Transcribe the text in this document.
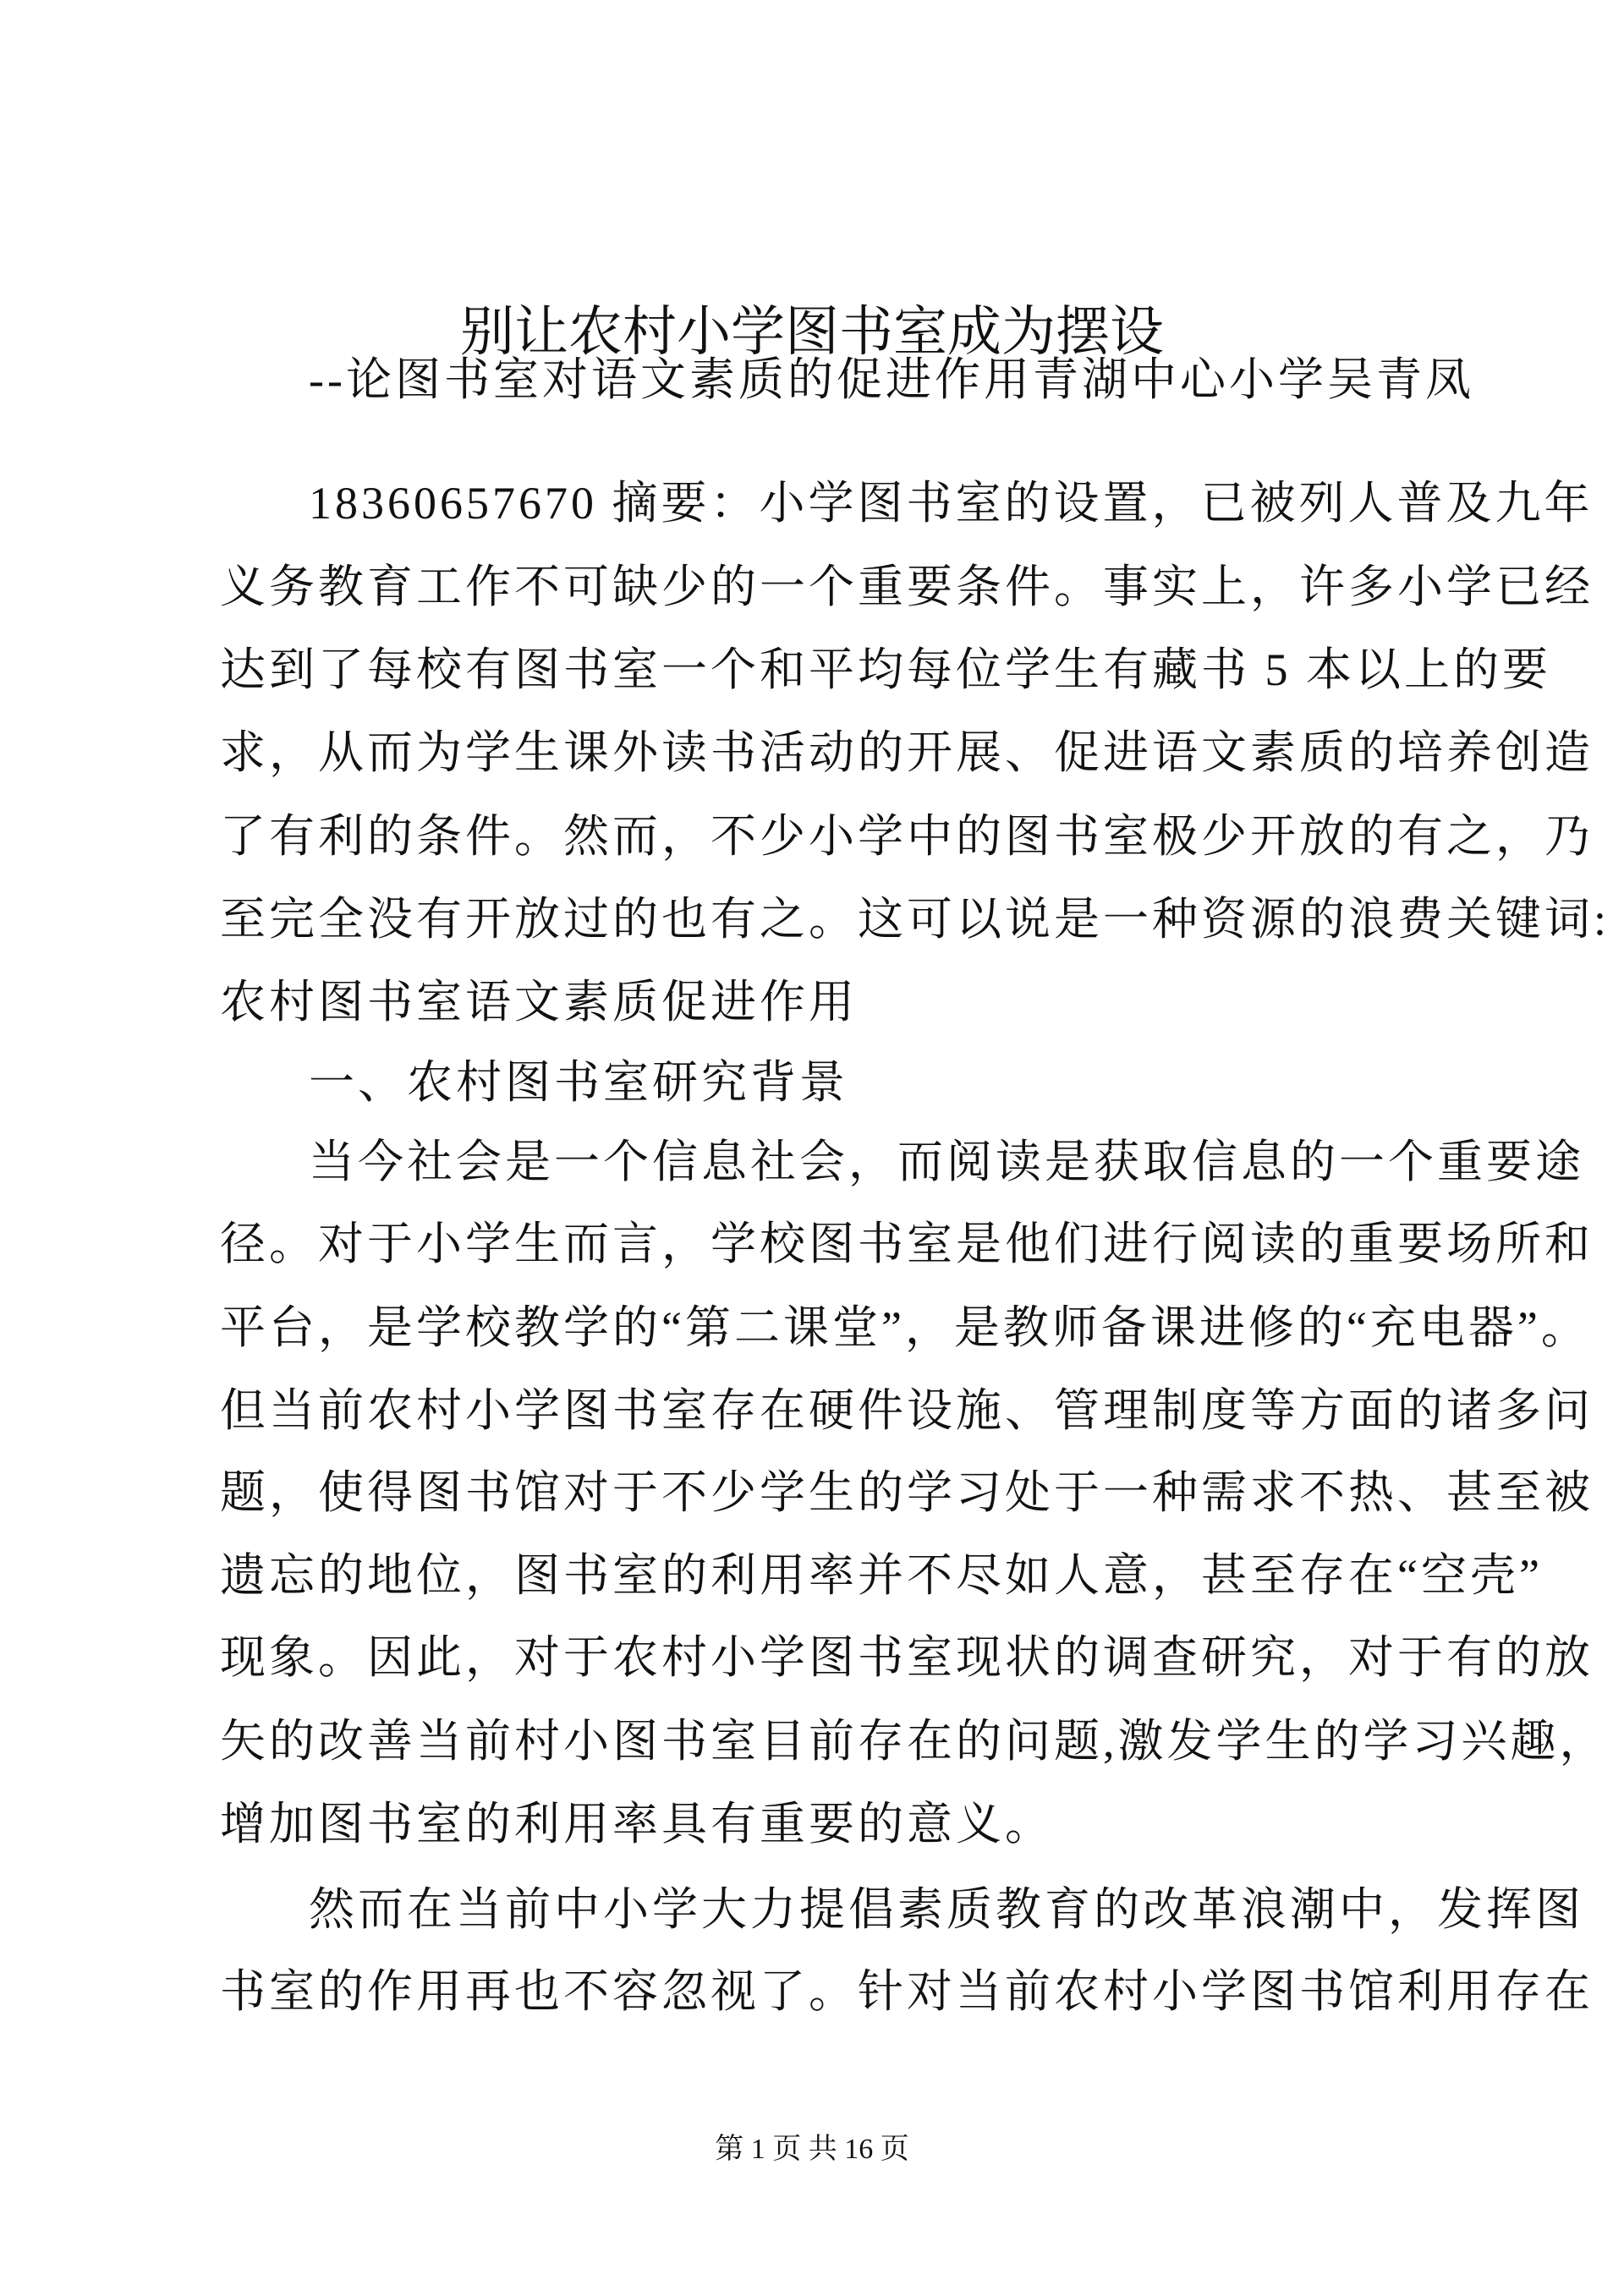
别让农村小学图书室成为摆设
--论图书室对语文素质的促进作用青湖中心小学吴青凤
18360657670 摘要：小学图书室的设置，已被列人普及九年
义务教育工作不可缺少的一个重要条件。事实上，许多小学已经
达到了每校有图书室一个和平均每位学生有藏书 5 本以上的要
求，从而为学生课外读书活动的开展、促进语文素质的培养创造
了有利的条件。然而，不少小学中的图书室极少开放的有之，乃
至完全没有开放过的也有之。这可以说是一种资源的浪费关键词:
农村图书室语文素质促进作用
一、农村图书室研究背景
当今社会是一个信息社会，而阅读是获取信息的一个重要途
径。对于小学生而言，学校图书室是他们进行阅读的重要场所和
平台，是学校教学的“第二课堂”，是教师备课进修的“充电器”。
但当前农村小学图书室存在硬件设施、管理制度等方面的诸多问
题，使得图书馆对于不少学生的学习处于一种需求不热、甚至被
遗忘的地位，图书室的利用率并不尽如人意，甚至存在“空壳”
现象。因此，对于农村小学图书室现状的调查研究，对于有的放
矢的改善当前村小图书室目前存在的问题,激发学生的学习兴趣，
增加图书室的利用率具有重要的意义。
然而在当前中小学大力提倡素质教育的改革浪潮中，发挥图
书室的作用再也不容忽视了。针对当前农村小学图书馆利用存在
第 1 页 共 16 页
